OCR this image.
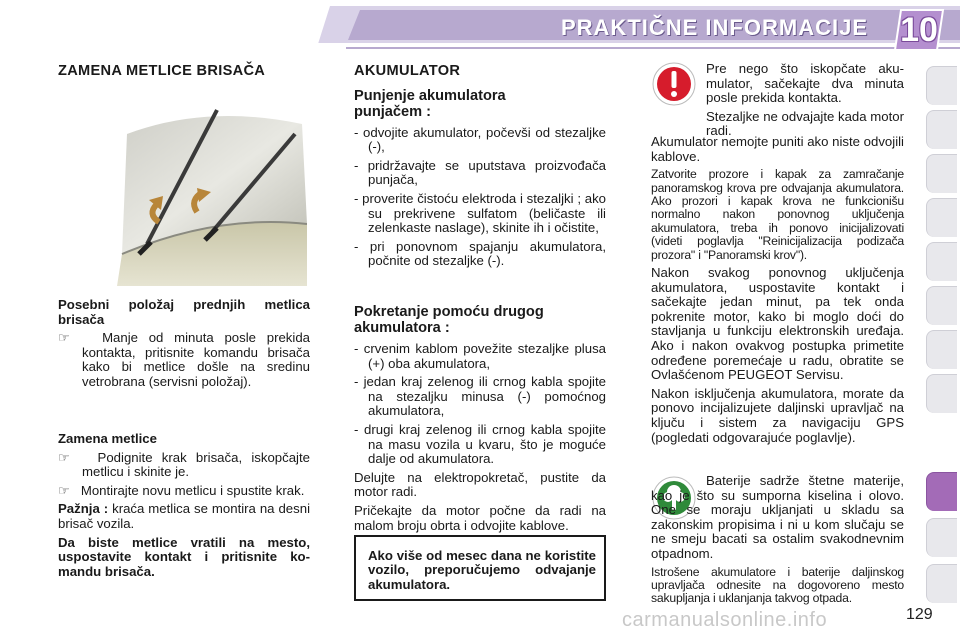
PRAKTIČNE INFORMACIJE 10
ZAMENA METLICE BRISAČA

Posebni položaj prednjih metlica brisača

☞   Manje od minuta posle prekida kontakta, pritisnite komandu brisača kako bi metlice došle na sredinu vetrobrana (servisni položaj).

Zamena metlice

☞   Podignite krak brisača, iskopčajte metlicu i skinite je.

☞   Montirajte novu metlicu i spustite krak.

Pažnja : kraća metlica se montira na desni brisač vozila.

Da biste metlice vratili na mesto, uspostavite kontakt i pritisnite komandu brisača.

AKUMULATOR
Punjenje akumulatora punjačem :

- odvojite akumulator, počevši od stezaljke (-),

- pridržavajte se uputstava proizvođača punjača,

- proverite čistoću elektroda i stezaljki ; ako su prekrivene sulfatom (beličaste ili zelenkaste naslage), skinite ih i očistite,

- pri ponovnom spajanju akumulatora, počnite od stezaljke (-).

Pokretanje pomoću drugog akumulatora :

- crvenim kablom povežite stezaljke plusa (+) oba akumulatora,

- jedan kraj zelenog ili crnog kabla spojite na stezaljku minusa (-) pomoćnog akumulatora,

- drugi kraj zelenog ili crnog kabla spojite na masu vozila u kvaru, što je moguće dalje od akumulatora.

Delujte na elektropokretač, pustite da motor radi.

Pričekajte da motor počne da radi na malom broju obrta i odvojite kablove.

Ako više od mesec dana ne koristite vozilo, preporučujemo odvajanje akumulatora.

Pre nego što iskopčate akumulator, sačekajte dva minuta posle prekida kontakta.

Stezaljke ne odvajajte kada motor radi.

Akumulator nemojte puniti ako niste odvojili kablove.

Zatvorite prozore i kapak za zamračanje panoramskog krova pre odvajanja akumulatora. Ako prozori i kapak krova ne funkcionišu normalno nakon ponovnog uključenja akumulatora, treba ih ponovo inicijalizovati (videti poglavlja "Reinicijalizacija podizača prozora" i "Panoramski krov").

Nakon svakog ponovnog uključenja akumulatora, uspostavite kontakt i sačekajte jedan minut, pa tek onda pokrenite motor, kako bi moglo doći do stavljanja u funkciju elektronskih uređaja. Ako i nakon ovakvog postupka primetite određene poremećaje u radu, obratite se Ovlašćenom PEUGEOT Servisu.

Nakon isključenja akumulatora, morate da ponovo incijalizujete daljinski upravljač na ključu i sistem za navigaciju GPS (pogledati odgovarajuće poglavlje).

Baterije sadrže štetne materije, kao je što su sumporna kiselina i olovo. One se moraju ukljanjati u skladu sa zakonskim propisima i ni u kom slučaju se ne smeju bacati sa ostalim svakodnevnim otpadnom.

Istrošene akumulatore i baterije daljinskog upravljača odnesite na dogovoreno mesto sakupljanja i uklanjanja takvog otpada.

carmanualsonline.info	129
